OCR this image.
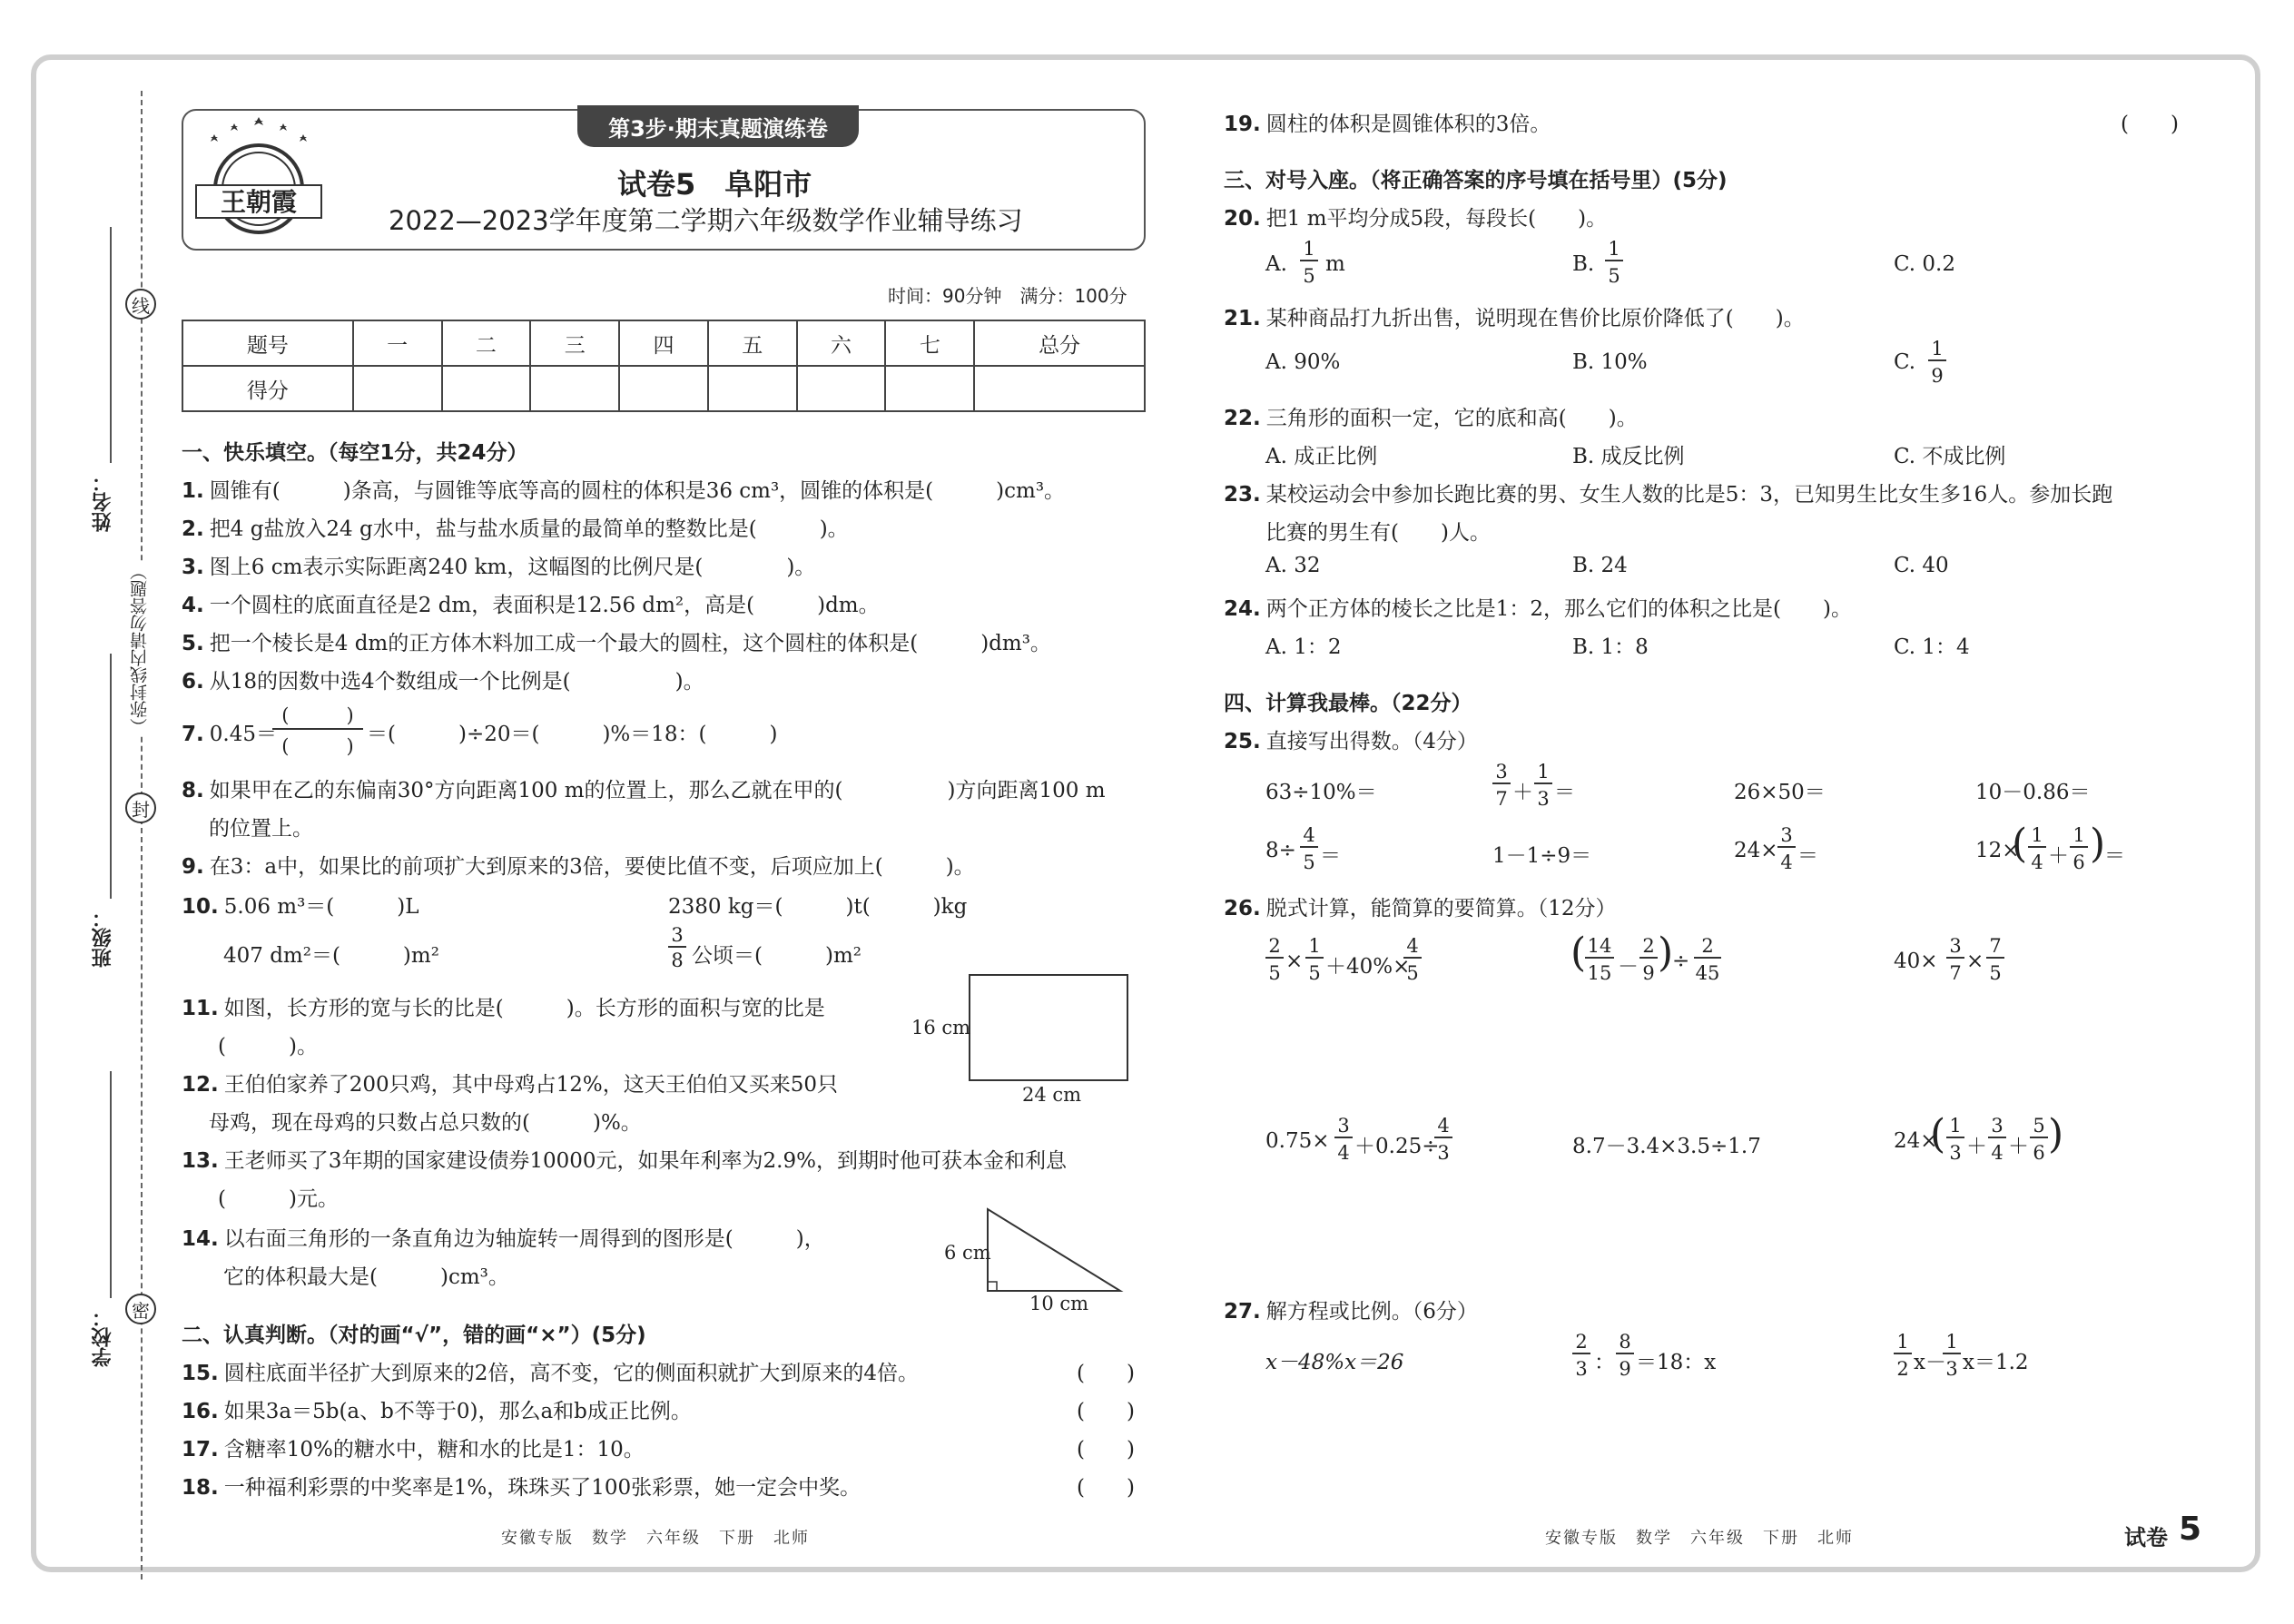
姓名：
班级：
学校：
线
封
密
（弥封线内请勿答题）
第3步·期末真题演练卷
王朝霞
试卷5　阜阳市
2022—2023学年度第二学期六年级数学作业辅导练习
时间：90分钟　满分：100分
题号	一	二	三	四	五	六	七	总分
得分								
一、快乐填空。（每空1分，共24分）
1. 圆锥有(　　　)条高，与圆锥等底等高的圆柱的体积是36 cm³，圆锥的体积是(　　　)cm³。
2. 把4 g盐放入24 g水中，盐与盐水质量的最简单的整数比是(　　　)。
3. 图上6 cm表示实际距离240 km，这幅图的比例尺是(　　　　)。
4. 一个圆柱的底面直径是2 dm，表面积是12.56 dm²，高是(　　　)dm。
5. 把一个棱长是4 dm的正方体木料加工成一个最大的圆柱，这个圆柱的体积是(　　　)dm³。
6. 从18的因数中选4个数组成一个比例是(　　　　　)。
7. 0.45＝
(　　　)
(　　　) ＝(　　　)÷20＝(　　　)%＝18：(　　　)
8. 如果甲在乙的东偏南30°方向距离100 m的位置上，那么乙就在甲的(　　　　　)方向距离100 m
的位置上。
9. 在3：a中，如果比的前项扩大到原来的3倍，要使比值不变，后项应加上(　　　)。
10. 5.06 m³＝(　　　)L	2380 kg＝(　　　)t(　　　)kg
407 dm²＝(　　　)m²
3
8 公顷＝(　　　)m²
11. 如图，长方形的宽与长的比是(　　　)。长方形的面积与宽的比是
(　　　)。
12. 王伯伯家养了200只鸡，其中母鸡占12%，这天王伯伯又买来50只
母鸡，现在母鸡的只数占总只数的(　　　)%。
13. 王老师买了3年期的国家建设债券10000元，如果年利率为2.9%，到期时他可获本金和利息
(　　　)元。
14. 以右面三角形的一条直角边为轴旋转一周得到的图形是(　　　)，
它的体积最大是(　　　)cm³。
16 cm
24 cm
6 cm
10 cm
二、认真判断。（对的画“√”，错的画“×”）(5分)
15. 圆柱底面半径扩大到原来的2倍，高不变，它的侧面积就扩大到原来的4倍。	(　　)
16. 如果3a＝5b(a、b不等于0)，那么a和b成正比例。	(　　)
17. 含糖率10%的糖水中，糖和水的比是1：10。	(　　)
18. 一种福利彩票的中奖率是1%，珠珠买了100张彩票，她一定会中奖。	(　　)
安徽专版　数学　六年级　下册　北师
19. 圆柱的体积是圆锥体积的3倍。	(　　)
三、对号入座。（将正确答案的序号填在括号里）(5分)
20. 把1 m平均分成5段，每段长(　　)。
A.
1
5 m	B.
1
5	C. 0.2
21. 某种商品打九折出售，说明现在售价比原价降低了(　　)。
A. 90%	B. 10%	C.
1
9
22. 三角形的面积一定，它的底和高(　　)。
A. 成正比例	B. 成反比例	C. 不成比例
23. 某校运动会中参加长跑比赛的男、女生人数的比是5：3，已知男生比女生多16人。参加长跑
比赛的男生有(　　)人。
A. 32	B. 24	C. 40
24. 两个正方体的棱长之比是1：2，那么它们的体积之比是(　　)。
A. 1：2	B. 1：8	C. 1：4
四、计算我最棒。（22分）
25. 直接写出得数。（4分）
63÷10%＝
3
7 ＋
1
3 ＝	26×50＝	10－0.86＝
8÷
4
5 ＝	1－1÷9＝	24×
3
4 ＝	12×
( 1
4 ＋
1
6 )
＝
26. 脱式计算，能简算的要简算。（12分）
2
5 ×
1
5 ＋40%×
4
5	( 14
15 －
2
9 )
÷
2
45	40×
3
7 ×
7
5
0.75×
3
4 ＋0.25÷
4
3	8.7－3.4×3.5÷1.7	24×
( 1
3 ＋
3
4 ＋
5
6 )
27. 解方程或比例。（6分）
x－48%x＝26
2
3 ：
8
9 ＝18：x
1
2 x－
1
3 x＝1.2
安徽专版　数学　六年级　下册　北师	试卷 5
